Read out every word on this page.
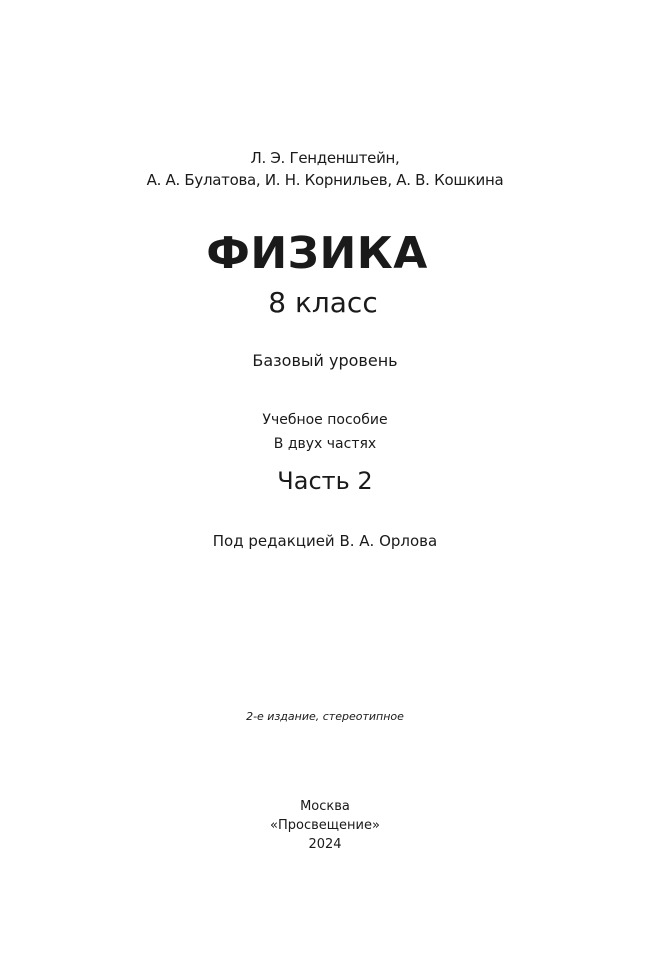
Л. Э. Генденштейн,
А. А. Булатова, И. Н. Корнильев, А. В. Кошкина
ФИЗИКА
8 класс
Базовый уровень
Учебное пособие
В двух частях
Часть 2
Под редакцией В. А. Орлова
2-е издание, стереотипное
Москва
«Просвещение»
2024
